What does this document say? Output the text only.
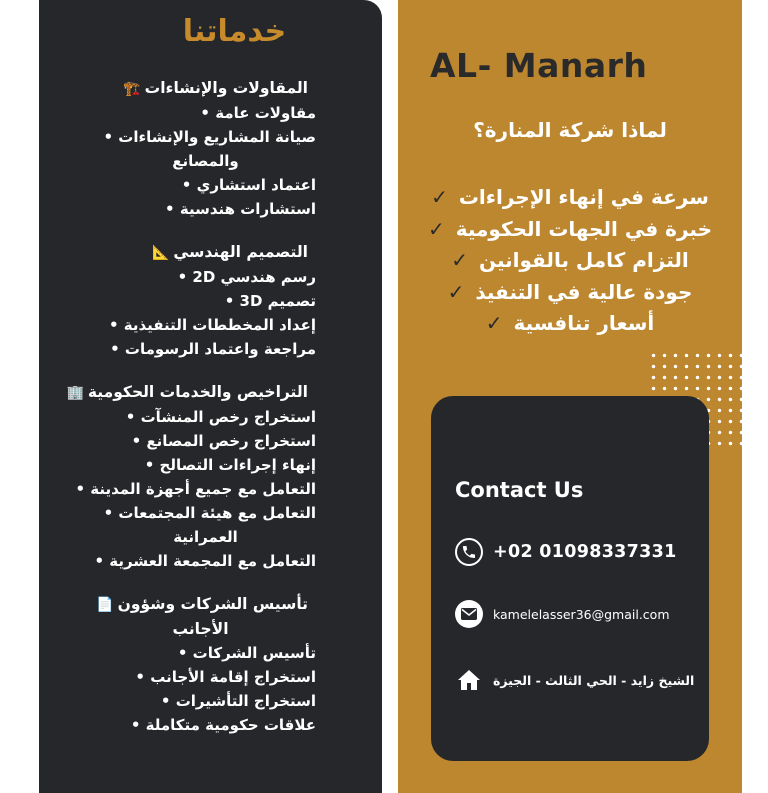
خدماتنا
المقاولات والإنشاءات🏗️
مقاولات عامة •
صيانة المشاريع والإنشاءات •
والمصانع
اعتماد استشاري •
استشارات هندسية •
التصميم الهندسي📐
رسم هندسي 2D •
تصميم 3D •
إعداد المخططات التنفيذية •
مراجعة واعتماد الرسومات •
التراخيص والخدمات الحكومية🏢
استخراج رخص المنشآت •
استخراج رخص المصانع •
إنهاء إجراءات التصالح •
التعامل مع جميع أجهزة المدينة •
التعامل مع هيئة المجتمعات •
العمرانية
التعامل مع المجمعة العشرية •
تأسيس الشركات وشؤون📄
الأجانب
تأسيس الشركات •
استخراج إقامة الأجانب •
استخراج التأشيرات •
علاقات حكومية متكاملة •
AL- Manarh
لماذا شركة المنارة؟
سرعة في إنهاء الإجراءات ✓
خبرة في الجهات الحكومية ✓
التزام كامل بالقوانين ✓
جودة عالية في التنفيذ ✓
أسعار تنافسية ✓
Contact Us
+02 01098337331
kamelelasser36@gmail.com
الشيخ زايد - الحي الثالث - الجيزة
